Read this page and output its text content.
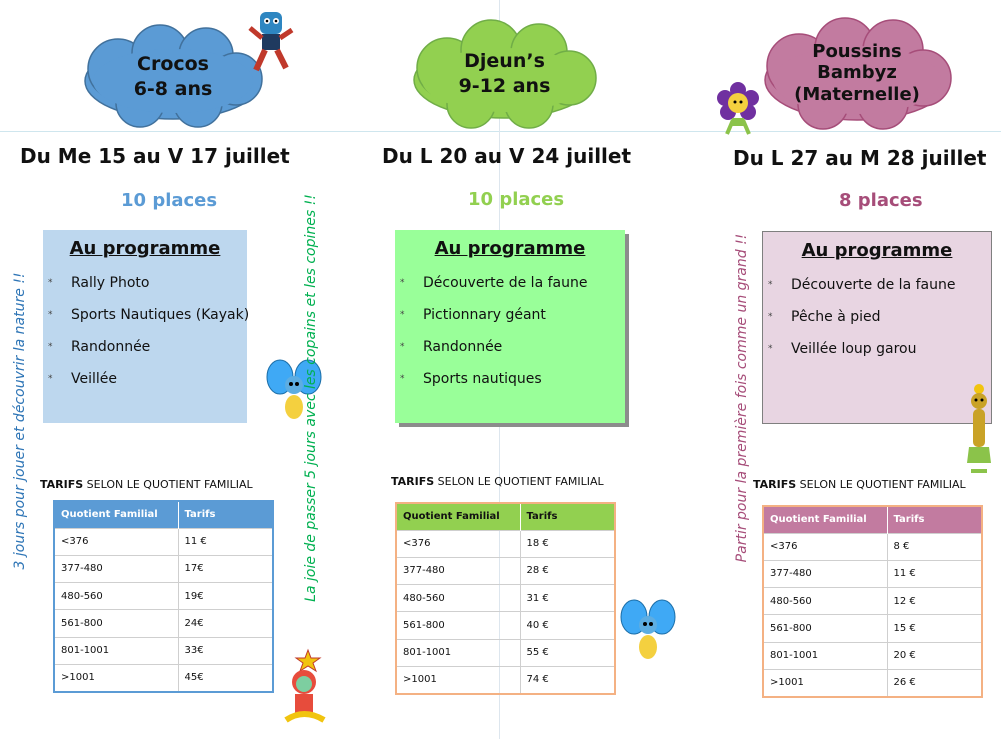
Crocos
6-8 ans
Du Me 15 au V 17 juillet
10 places
Au programme
* Rally Photo
* Sports Nautiques (Kayak)
* Randonnée
* Veillée
TARIFS SELON LE QUOTIENT FAMILIAL
Quotient Familial	Tarifs
<376	11 €
377-480	17€
480-560	19€
561-800	24€
801-1001	33€
>1001	45€
3 jours pour jouer et découvrir la nature !!
Djeun’s
9-12 ans
Du L 20 au V 24 juillet
10 places
Au programme
* Découverte de la faune
* Pictionnary géant
* Randonnée
* Sports nautiques
TARIFS SELON LE QUOTIENT FAMILIAL
Quotient Familial	Tarifs
<376	18 €
377-480	28 €
480-560	31 €
561-800	40 €
801-1001	55 €
>1001	74 €
La joie de passer 5 jours avec les copains et les copines !!
Poussins
Bambyz
(Maternelle)
Du L 27 au M 28 juillet
8 places
Au programme
* Découverte de la faune
* Pêche à pied
* Veillée loup garou
TARIFS SELON LE QUOTIENT FAMILIAL
Quotient Familial	Tarifs
<376	8 €
377-480	11 €
480-560	12 €
561-800	15 €
801-1001	20 €
>1001	26 €
Partir pour la première fois comme un grand !!
